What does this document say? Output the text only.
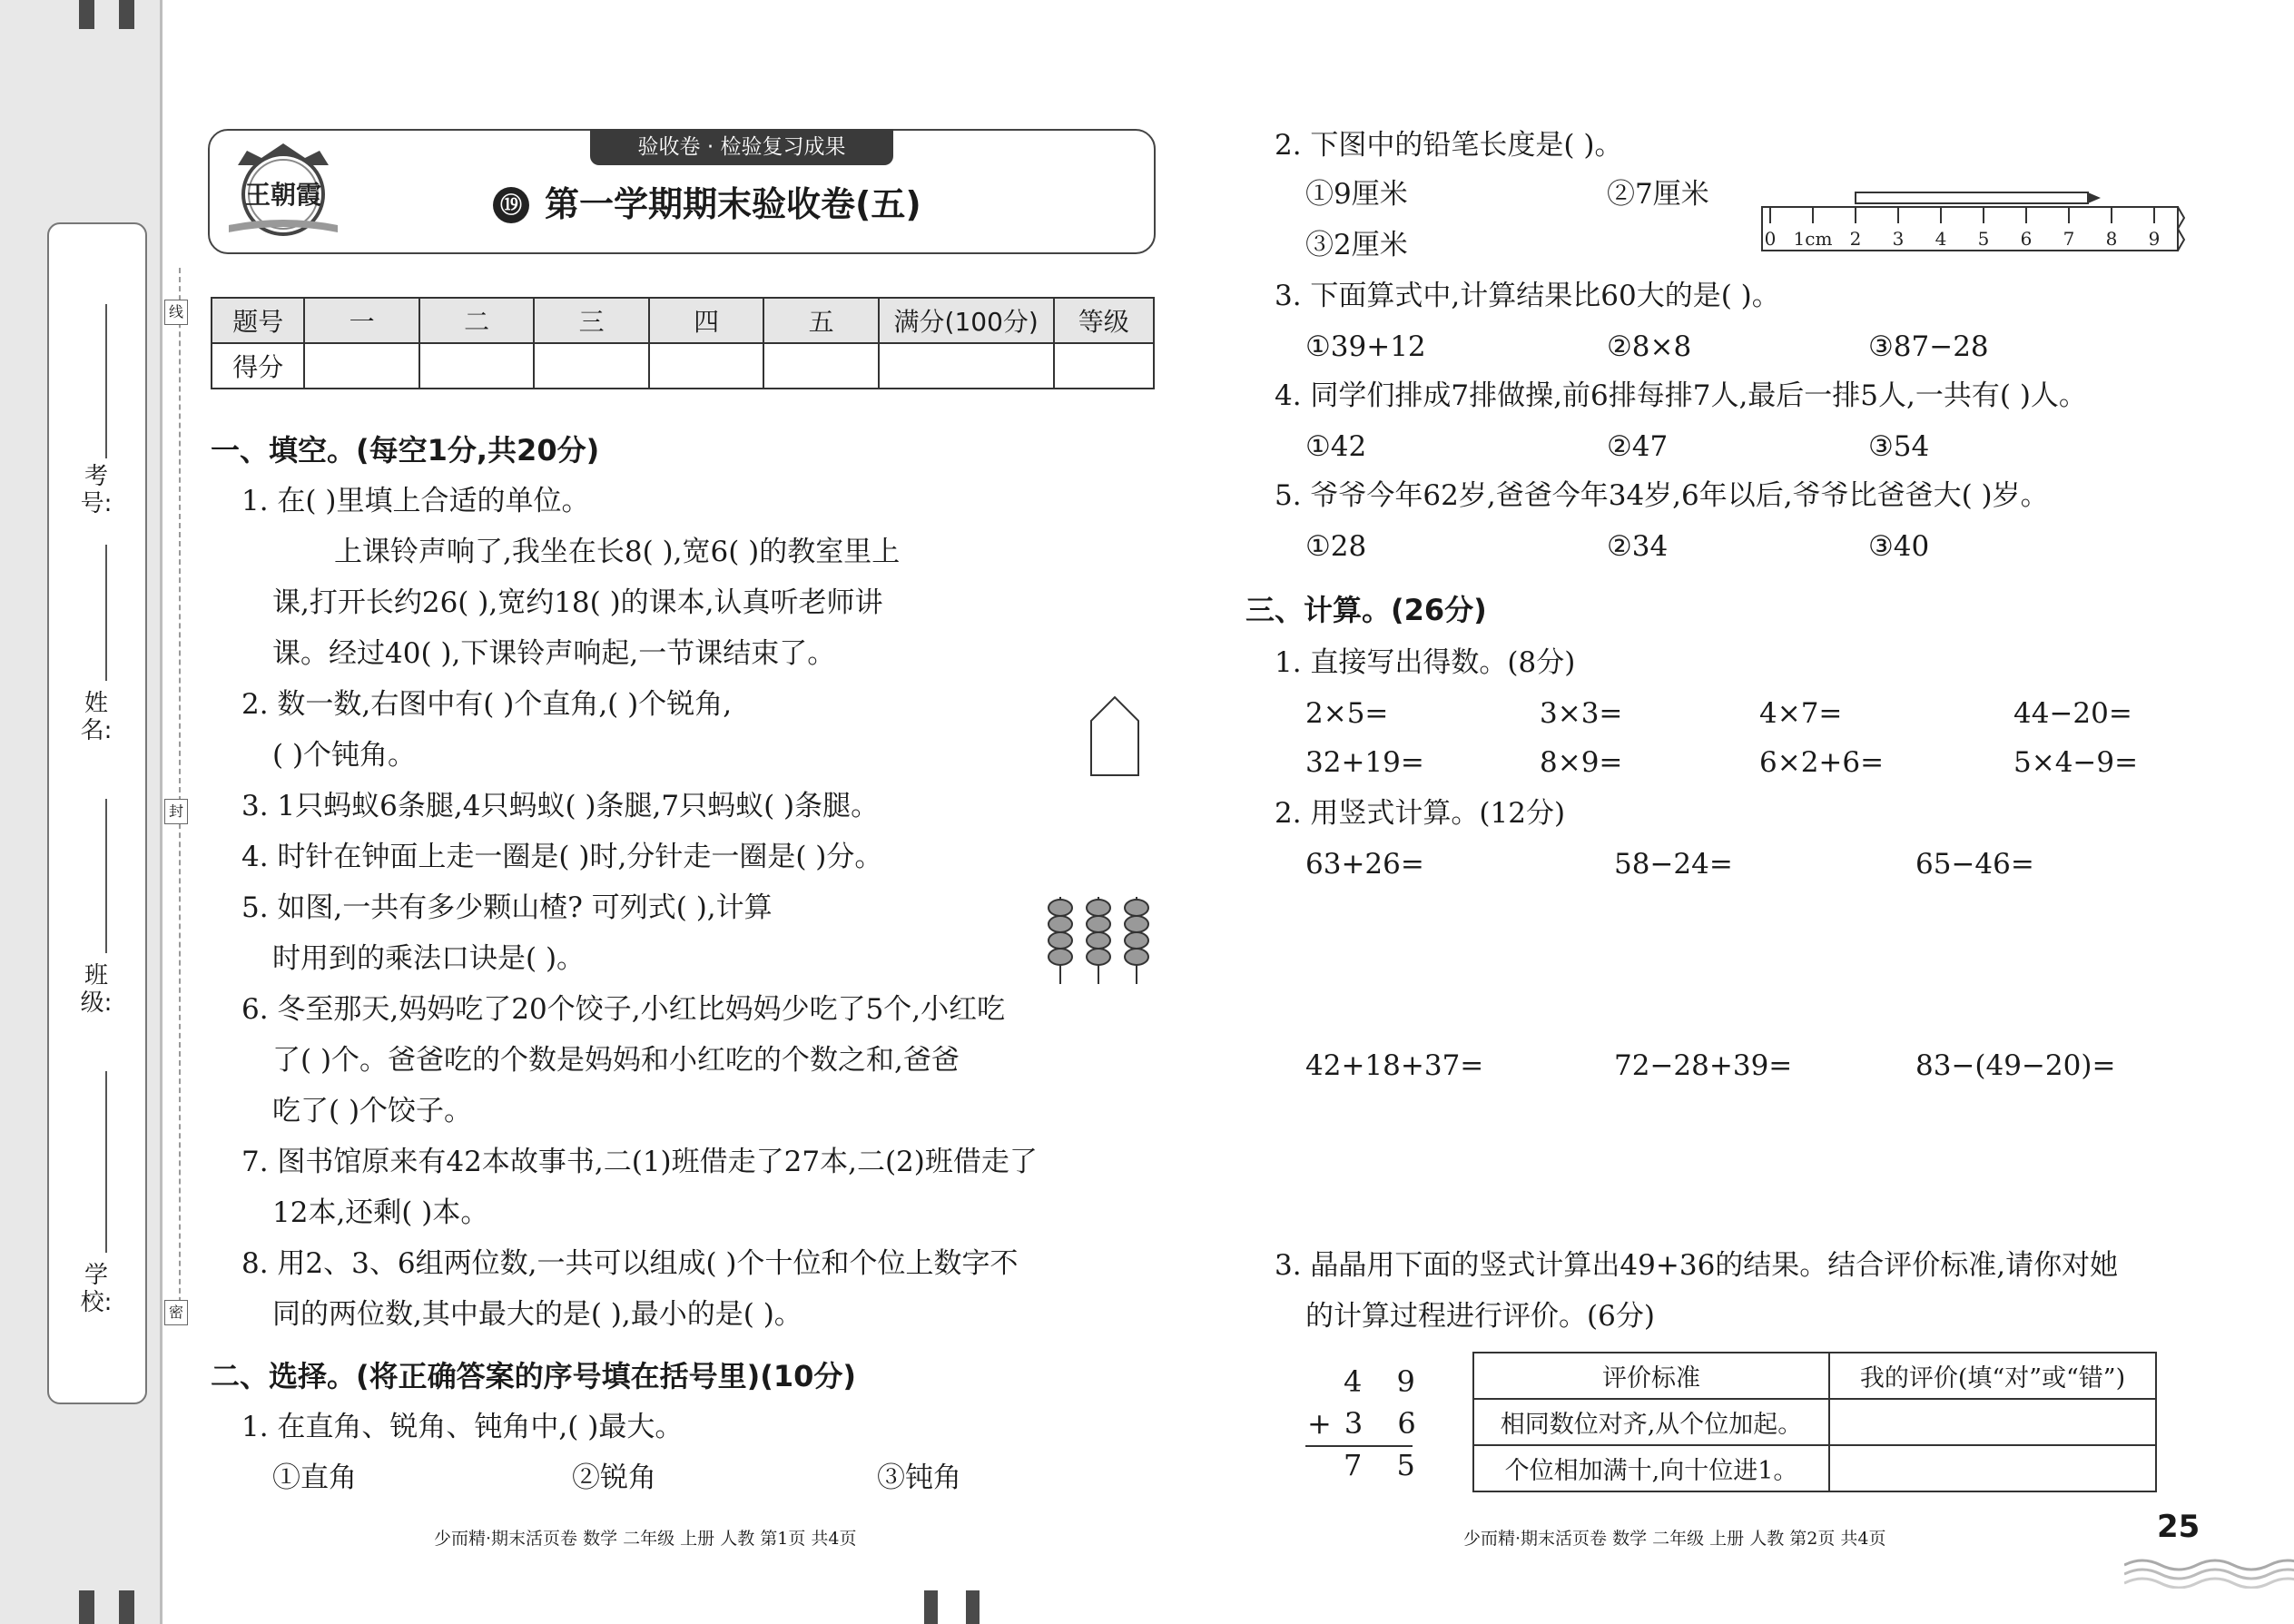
考号:
姓名:
班级:
学校:
线
封
密
王朝霞
验收卷 · 检验复习成果
⑲ 第一学期期末验收卷(五)
题号	一	二	三	四	五	满分(100分)	等级
得分							
一、填空。(每空1分,共20分)
1. 在( )里填上合适的单位。
上课铃声响了,我坐在长8( ),宽6( )的教室里上
课,打开长约26( ),宽约18( )的课本,认真听老师讲
课。经过40( ),下课铃声响起,一节课结束了。
2. 数一数,右图中有( )个直角,( )个锐角,
( )个钝角。
3. 1只蚂蚁6条腿,4只蚂蚁( )条腿,7只蚂蚁( )条腿。
4. 时针在钟面上走一圈是( )时,分针走一圈是( )分。
5. 如图,一共有多少颗山楂? 可列式( ),计算
时用到的乘法口诀是( )。
6. 冬至那天,妈妈吃了20个饺子,小红比妈妈少吃了5个,小红吃
了( )个。爸爸吃的个数是妈妈和小红吃的个数之和,爸爸
吃了( )个饺子。
7. 图书馆原来有42本故事书,二(1)班借走了27本,二(2)班借走了
12本,还剩( )本。
8. 用2、3、6组两位数,一共可以组成( )个十位和个位上数字不
同的两位数,其中最大的是( ),最小的是( )。
二、选择。(将正确答案的序号填在括号里)(10分)
1. 在直角、锐角、钝角中,( )最大。
①直角	②锐角	③钝角
少而精·期末活页卷 数学 二年级 上册 人教 第1页 共4页
2. 下图中的铅笔长度是( )。
①9厘米	②7厘米
③2厘米	0 1cm 2 3 4 5 6 7 8 9
3. 下面算式中,计算结果比60大的是( )。
①39+12	②8×8	③87−28
4. 同学们排成7排做操,前6排每排7人,最后一排5人,一共有( )人。
①42	②47	③54
5. 爷爷今年62岁,爸爸今年34岁,6年以后,爷爷比爸爸大( )岁。
①28	②34	③40
三、计算。(26分)
1. 直接写出得数。(8分)
2×5=	3×3=	4×7=	44−20=
32+19=	8×9=	6×2+6=	5×4−9=
2. 用竖式计算。(12分)
63+26=	58−24=	65−46=
42+18+37=	72−28+39=	83−(49−20)=
3. 晶晶用下面的竖式计算出49+36的结果。结合评价标准,请你对她
的计算过程进行评价。(6分)
4 9
+3 6
7 5
评价标准	我的评价(填“对”或“错”)
相同数位对齐,从个位加起。	
个位相加满十,向十位进1。	
少而精·期末活页卷 数学 二年级 上册 人教 第2页 共4页	25
